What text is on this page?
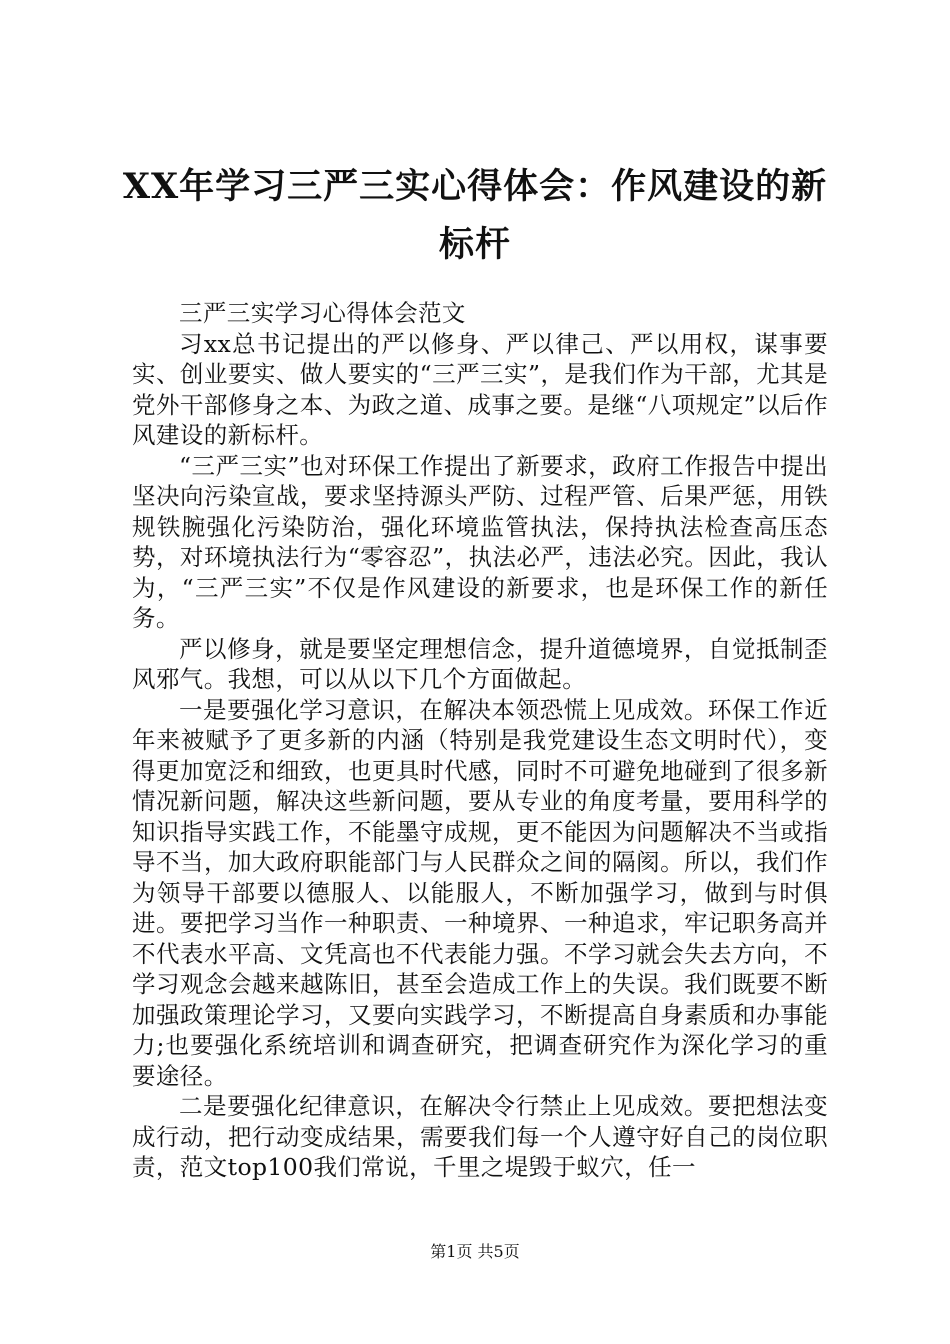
XX年学习三严三实心得体会：作风建设的新标杆

三严三实学习心得体会范文

习xx总书记提出的严以修身、严以律己、严以用权，谋事要实、创业要实、做人要实的“三严三实”，是我们作为干部，尤其是党外干部修身之本、为政之道、成事之要。是继“八项规定”以后作风建设的新标杆。

“三严三实”也对环保工作提出了新要求，政府工作报告中提出坚决向污染宣战，要求坚持源头严防、过程严管、后果严惩，用铁规铁腕强化污染防治，强化环境监管执法，保持执法检查高压态势，对环境执法行为“零容忍”，执法必严，违法必究。因此，我认为，“三严三实”不仅是作风建设的新要求，也是环保工作的新任务。

严以修身，就是要坚定理想信念，提升道德境界，自觉抵制歪风邪气。我想，可以从以下几个方面做起。

一是要强化学习意识，在解决本领恐慌上见成效。环保工作近年来被赋予了更多新的内涵（特别是我党建设生态文明时代），变得更加宽泛和细致，也更具时代感，同时不可避免地碰到了很多新情况新问题，解决这些新问题，要从专业的角度考量，要用科学的知识指导实践工作，不能墨守成规，更不能因为问题解决不当或指导不当，加大政府职能部门与人民群众之间的隔阂。所以，我们作为领导干部要以德服人、以能服人，不断加强学习，做到与时俱进。要把学习当作一种职责、一种境界、一种追求，牢记职务高并不代表水平高、文凭高也不代表能力强。不学习就会失去方向，不学习观念会越来越陈旧，甚至会造成工作上的失误。我们既要不断加强政策理论学习，又要向实践学习，不断提高自身素质和办事能力;也要强化系统培训和调查研究，把调查研究作为深化学习的重要途径。

二是要强化纪律意识，在解决令行禁止上见成效。要把想法变成行动，把行动变成结果，需要我们每一个人遵守好自己的岗位职责，范文top100我们常说，千里之堤毁于蚁穴，任一

第1页 共5页
